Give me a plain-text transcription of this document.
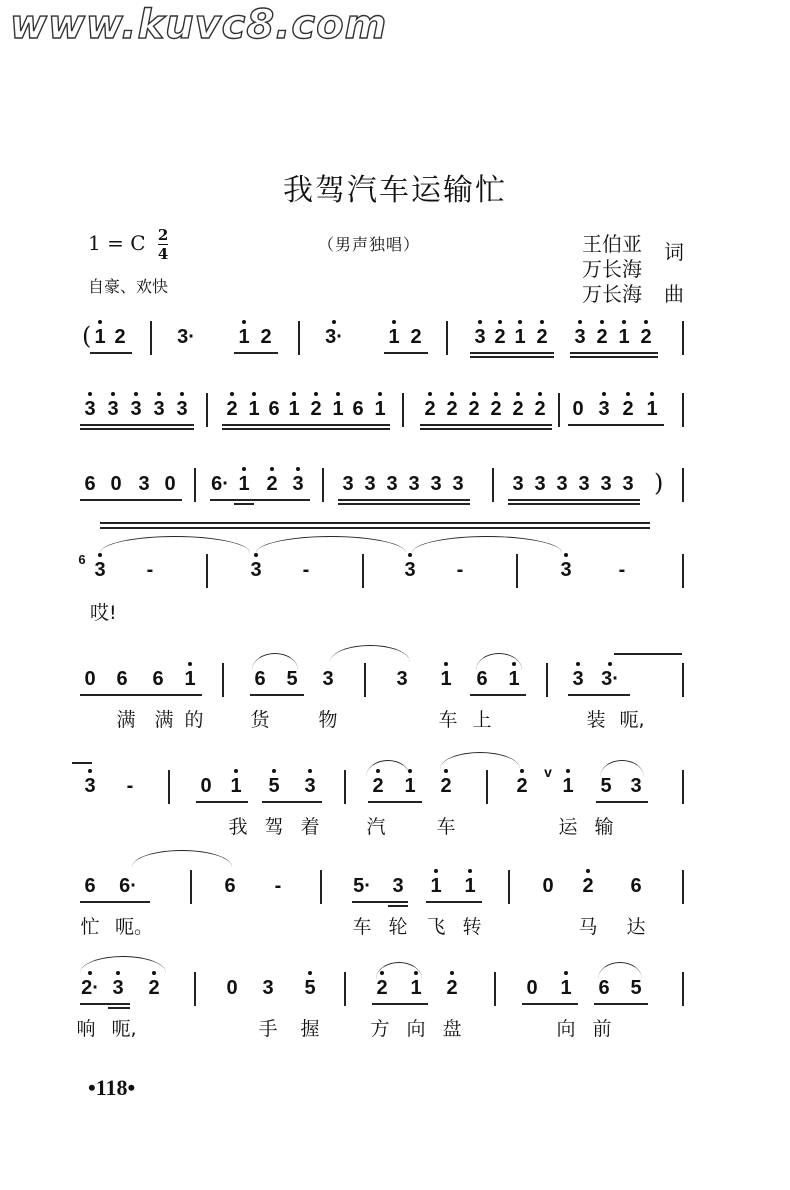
www.kuvc8.com
我驾汽车运输忙
1 = C $\frac{2}{4}$
自豪、欢快
（男声独唱）	王伯亚
万长海
万长海
词
曲
( 1 2	3·	1 2	3·	1 2	3 2 1 2	3 2 1 2
3 3 3 3 3	2 1 6 1 2 1 6 1	2 2 2 2 2 2	0 3 2 1
6 0 3 0	6· 1 2 3	3 3 3 3 3 3	3 3 3 3 3 3 )
6 3	-	3	-	3	-	3	-
哎!
0	6	6	1	6	5	3	3	1	6	1	3 3·
满 满 的 货	物	车 上	装 呃,
3	-	0 1	5	3	2	1	2	2
v
1	5 3
我 驾 着 汽	车	运 输
6	6·	6	-	5·	3	1	1	0	2	6
忙 呃。	车 轮 飞 转	马 达
2· 3	2	0	3	5	2	1	2	0	1	6	5
响 呃,	手 握	方 向 盘	向 前
•118•
